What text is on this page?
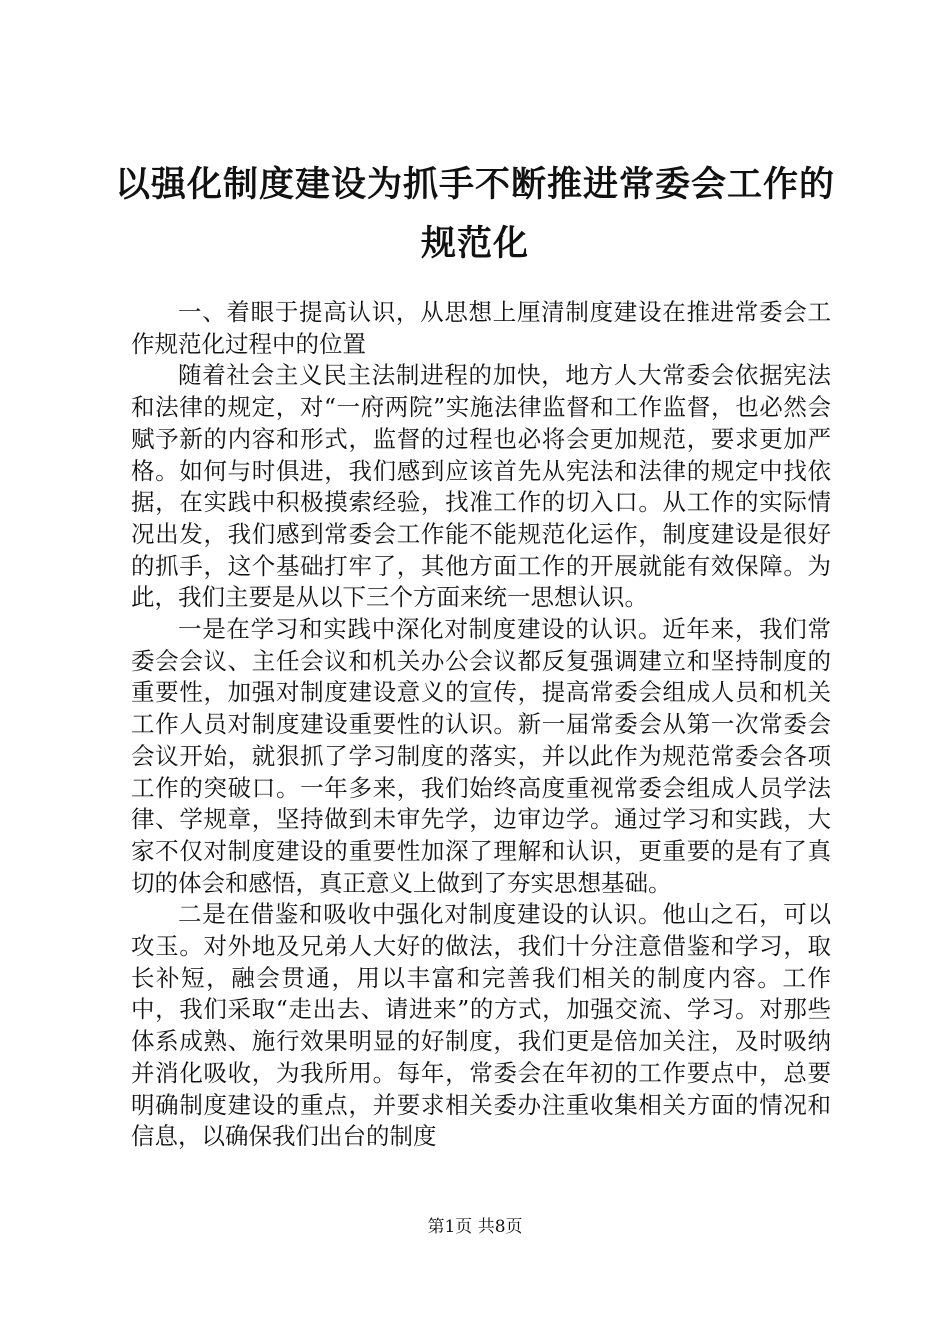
以强化制度建设为抓手不断推进常委会工作的规范化

一、着眼于提高认识，从思想上厘清制度建设在推进常委会工作规范化过程中的位置

随着社会主义民主法制进程的加快，地方人大常委会依据宪法和法律的规定，对“一府两院”实施法律监督和工作监督，也必然会赋予新的内容和形式，监督的过程也必将会更加规范，要求更加严格。如何与时俱进，我们感到应该首先从宪法和法律的规定中找依据，在实践中积极摸索经验，找准工作的切入口。从工作的实际情况出发，我们感到常委会工作能不能规范化运作，制度建设是很好的抓手，这个基础打牢了，其他方面工作的开展就能有效保障。为此，我们主要是从以下三个方面来统一思想认识。

一是在学习和实践中深化对制度建设的认识。近年来，我们常委会会议、主任会议和机关办公会议都反复强调建立和坚持制度的重要性，加强对制度建设意义的宣传，提高常委会组成人员和机关工作人员对制度建设重要性的认识。新一届常委会从第一次常委会会议开始，就狠抓了学习制度的落实，并以此作为规范常委会各项工作的突破口。一年多来，我们始终高度重视常委会组成人员学法律、学规章，坚持做到未审先学，边审边学。通过学习和实践，大家不仅对制度建设的重要性加深了理解和认识，更重要的是有了真切的体会和感悟，真正意义上做到了夯实思想基础。

二是在借鉴和吸收中强化对制度建设的认识。他山之石，可以攻玉。对外地及兄弟人大好的做法，我们十分注意借鉴和学习，取长补短，融会贯通，用以丰富和完善我们相关的制度内容。工作中，我们采取“走出去、请进来”的方式，加强交流、学习。对那些体系成熟、施行效果明显的好制度，我们更是倍加关注，及时吸纳并消化吸收，为我所用。每年，常委会在年初的工作要点中，总要明确制度建设的重点，并要求相关委办注重收集相关方面的情况和信息，以确保我们出台的制度

第1页 共8页
